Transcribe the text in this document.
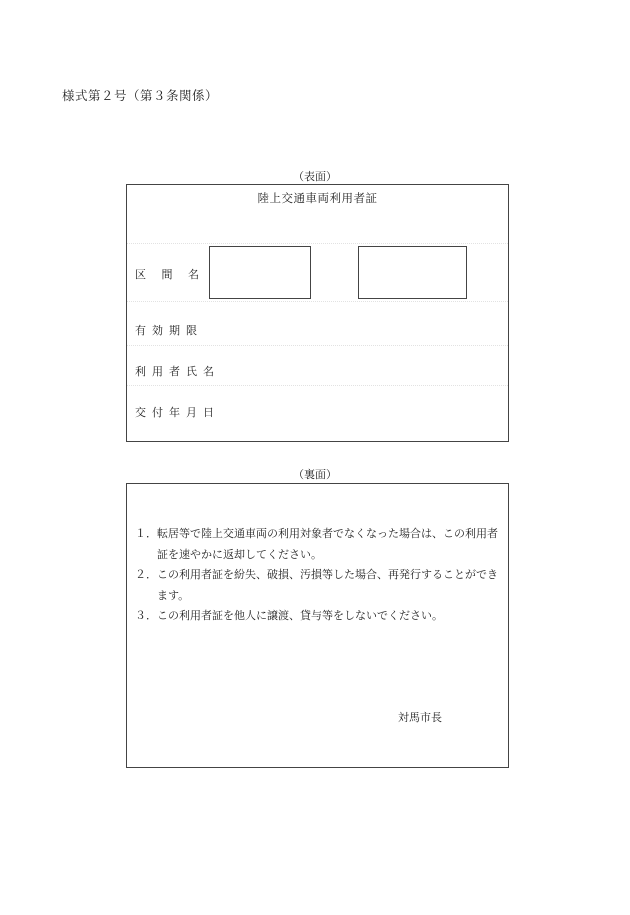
様式第２号（第３条関係）
（表面）
陸上交通車両利用者証
区 間 名
有効期限
利用者氏名
交付年月日
（裏面）
１． 転居等で陸上交通車両の利用対象者でなくなった場合は、この利用者証を速やかに返却してください。
２． この利用者証を紛失、破損、汚損等した場合、再発行することができます。
３． この利用者証を他人に譲渡、貸与等をしないでください。
対馬市長
